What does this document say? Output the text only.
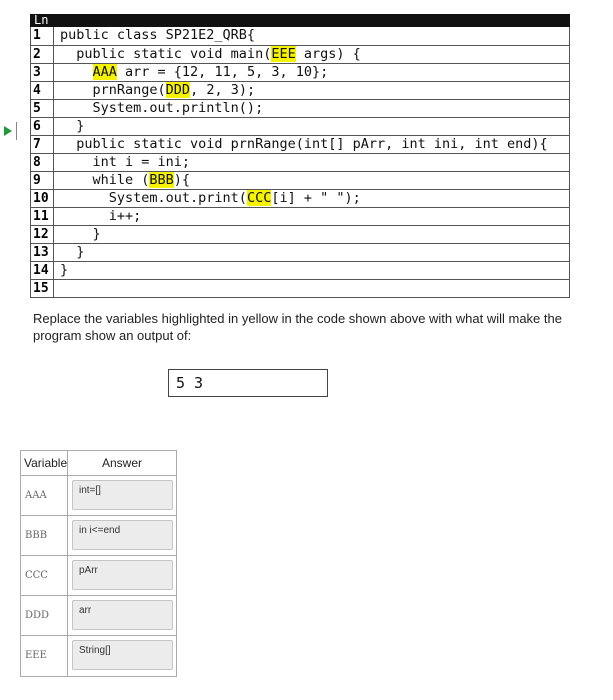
Ln
1	public class SP21E2_QRB{
2	public static void main(EEE args) {
3	AAA arr = {12, 11, 5, 3, 10};
4	prnRange(DDD, 2, 3);
5	System.out.println();
6	}
7	public static void prnRange(int[] pArr, int ini, int end){
8	int i = ini;
9	while (BBB){
10 System.out.print(CCC[i] + " ");
11 i++;
12 }
13 }
14 }
15
Replace the variables highlighted in yellow in the code shown above with what will make the program show an output of:
5 3
Variable	Answer
AAA	int=[]
BBB	in i<=end
CCC	pArr
DDD	arr
EEE	String[]
